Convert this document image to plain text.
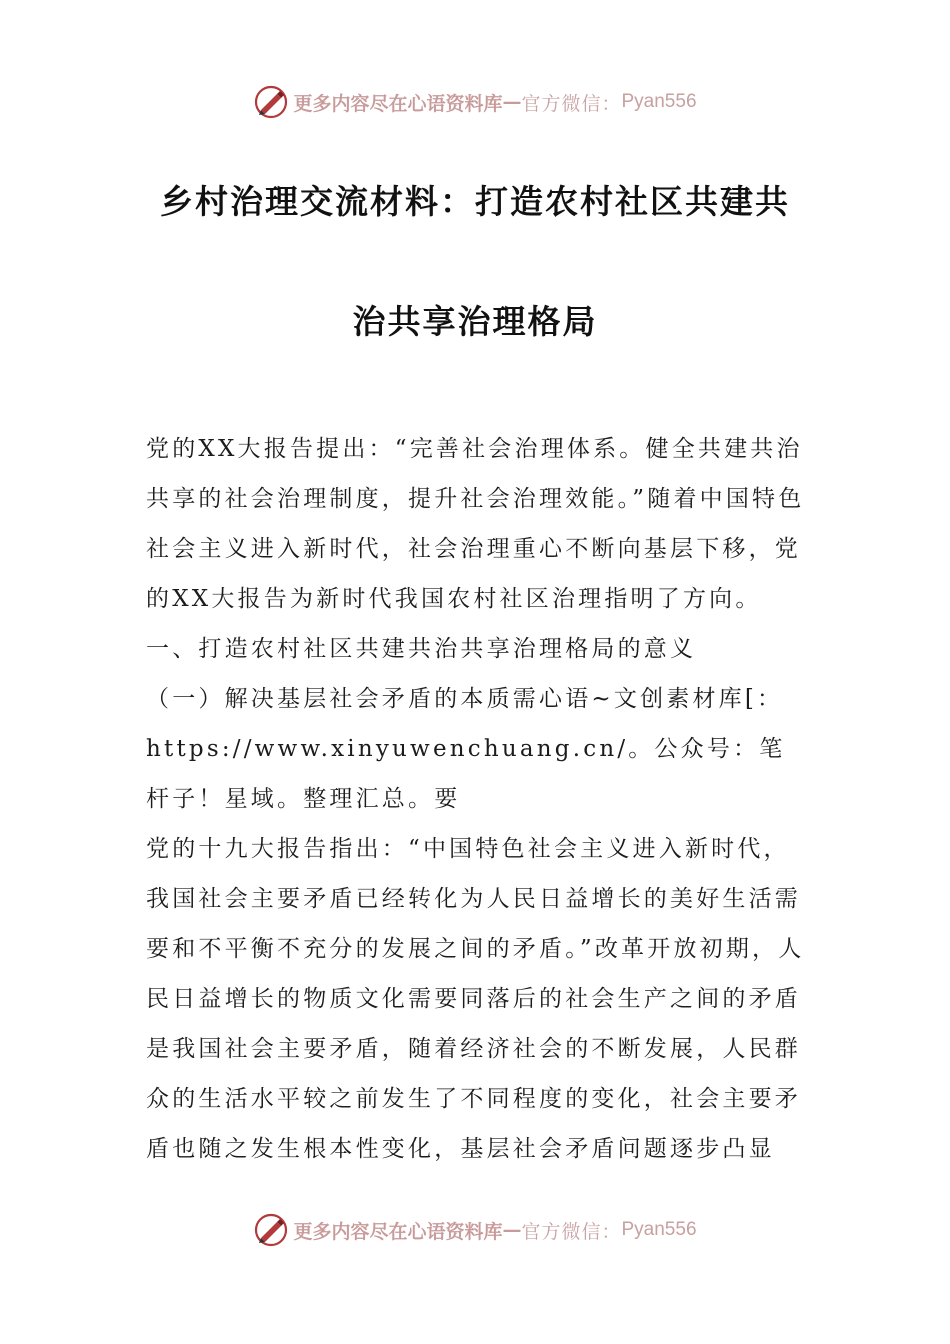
更多内容尽在心语资料库 — 官方微信： Pyan556
乡村治理交流材料：打造农村社区共建共
治共享治理格局

党的XX大报告提出：“完善社会治理体系。健全共建共治共享的社会治理制度，提升社会治理效能。”随着中国特色社会主义进入新时代，社会治理重心不断向基层下移，党的XX大报告为新时代我国农村社区治理指明了方向。

一、打造农村社区共建共治共享治理格局的意义

（一）解决基层社会矛盾的本质需心语~文创素材库[：

https://www.xinyuwenchuang.cn/。公众号：笔杆子！星域。整理汇总。要

党的十九大报告指出：“中国特色社会主义进入新时代，我国社会主要矛盾已经转化为人民日益增长的美好生活需要和不平衡不充分的发展之间的矛盾。”改革开放初期，人民日益增长的物质文化需要同落后的社会生产之间的矛盾是我国社会主要矛盾，随着经济社会的不断发展，人民群众的生活水平较之前发生了不同程度的变化，社会主要矛盾也随之发生根本性变化，基层社会矛盾问题逐步凸显

更多内容尽在心语资料库 — 官方微信： Pyan556
